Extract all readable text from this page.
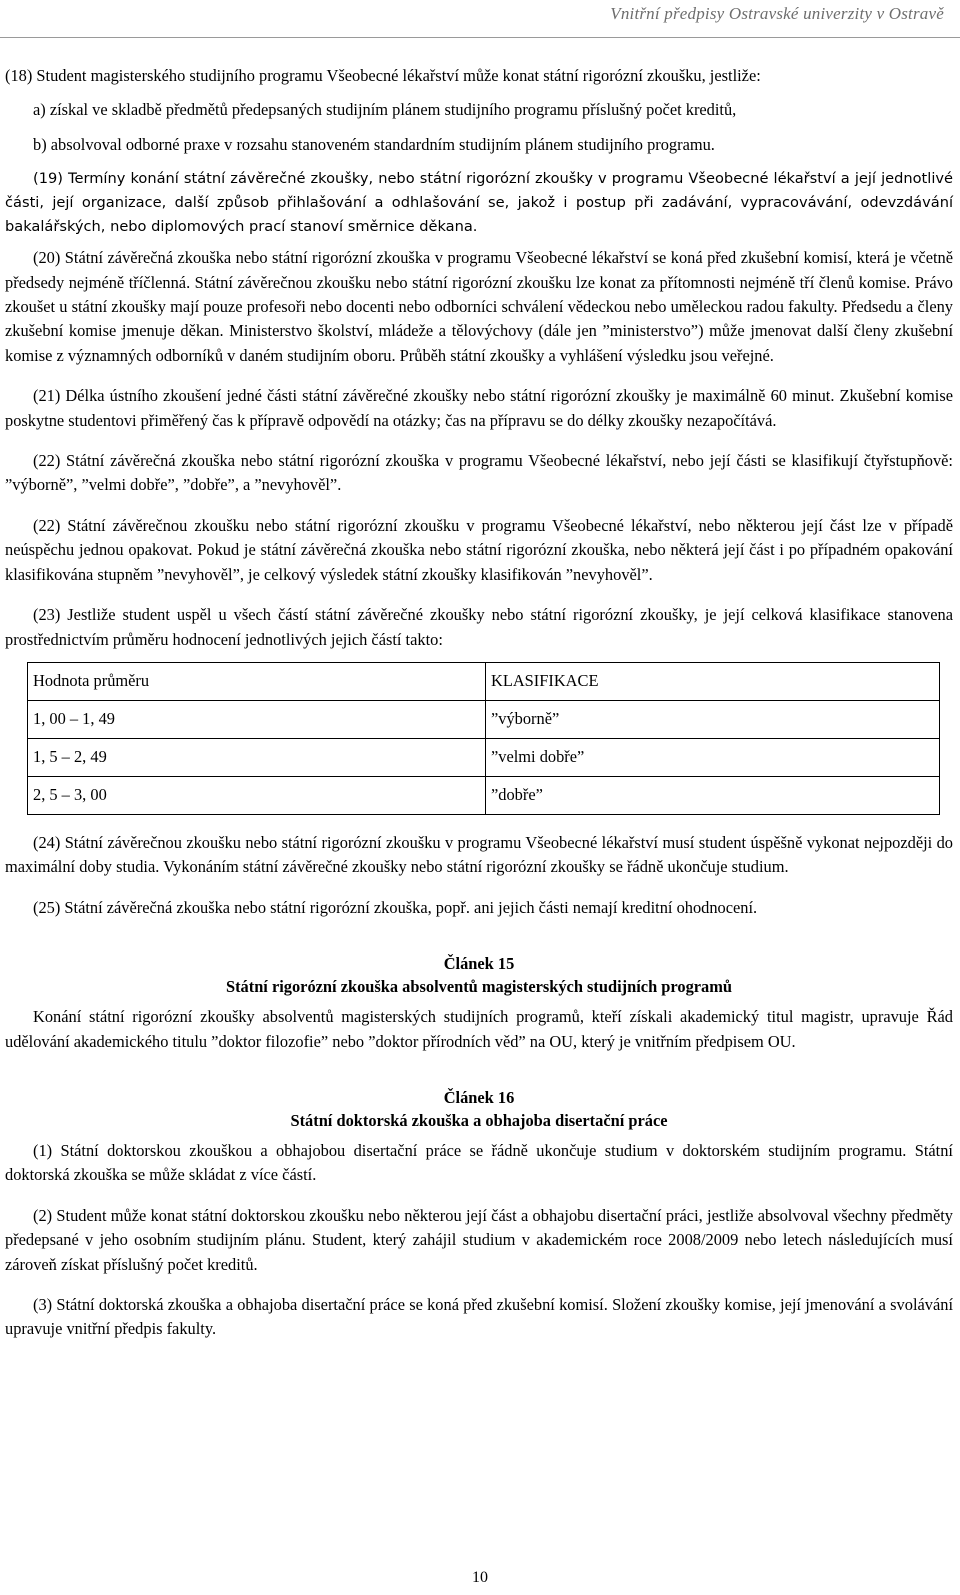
Vnitřní předpisy Ostravské univerzity v Ostravě

(18) Student magisterského studijního programu Všeobecné lékařství může konat státní rigorózní zkoušku, jestliže:

a) získal ve skladbě předmětů předepsaných studijním plánem studijního programu příslušný počet kreditů,

b) absolvoval odborné praxe v rozsahu stanoveném standardním studijním plánem studijního programu.

(19) Termíny konání státní závěrečné zkoušky, nebo státní rigorózní zkoušky v programu Všeobecné lékařství a její jednotlivé části, její organizace, další způsob přihlašování a odhlašování se, jakož i postup při zadávání, vypracovávání, odevzdávání bakalářských, nebo diplomových prací stanoví směrnice děkana.

(20) Státní závěrečná zkouška nebo státní rigorózní zkouška v programu Všeobecné lékařství se koná před zkušební komisí, která je včetně předsedy nejméně tříčlenná. Státní závěrečnou zkoušku nebo státní rigorózní zkoušku lze konat za přítomnosti nejméně tří členů komise. Právo zkoušet u státní zkoušky mají pouze profesoři nebo docenti nebo odborníci schválení vědeckou nebo uměleckou radou fakulty. Předsedu a členy zkušební komise jmenuje děkan. Ministerstvo školství, mládeže a tělovýchovy (dále jen ”ministerstvo”) může jmenovat další členy zkušební komise z významných odborníků v daném studijním oboru. Průběh státní zkoušky a vyhlášení výsledku jsou veřejné.

(21) Délka ústního zkoušení jedné části státní závěrečné zkoušky nebo státní rigorózní zkoušky je maximálně 60 minut. Zkušební komise poskytne studentovi přiměřený čas k přípravě odpovědí na otázky; čas na přípravu se do délky zkoušky nezapočítává.

(22) Státní závěrečná zkouška nebo státní rigorózní zkouška v programu Všeobecné lékařství, nebo její části se klasifikují čtyřstupňově: ”výborně”, ”velmi dobře”, ”dobře”, a ”nevyhověl”.

(22) Státní závěrečnou zkoušku nebo státní rigorózní zkoušku v programu Všeobecné lékařství, nebo některou její část lze v případě neúspěchu jednou opakovat. Pokud je státní závěrečná zkouška nebo státní rigorózní zkouška, nebo některá její část i po případném opakování klasifikována stupněm ”nevyhověl”, je celkový výsledek státní zkoušky klasifikován ”nevyhověl”.

(23) Jestliže student uspěl u všech částí státní závěrečné zkoušky nebo státní rigorózní zkoušky, je její celková klasifikace stanovena prostřednictvím průměru hodnocení jednotlivých jejich částí takto:

Hodnota průměru	KLASIFIKACE
1, 00 – 1, 49	”výborně”
1, 5 – 2, 49	”velmi dobře”
2, 5 – 3, 00	”dobře”

(24) Státní závěrečnou zkoušku nebo státní rigorózní zkoušku v programu Všeobecné lékařství musí student úspěšně vykonat nejpozději do maximální doby studia. Vykonáním státní závěrečné zkoušky nebo státní rigorózní zkoušky se řádně ukončuje studium.

(25) Státní závěrečná zkouška nebo státní rigorózní zkouška, popř. ani jejich části nemají kreditní ohodnocení.

Článek 15
Státní rigorózní zkouška absolventů magisterských studijních programů

Konání státní rigorózní zkoušky absolventů magisterských studijních programů, kteří získali akademický titul magistr, upravuje Řád udělování akademického titulu ”doktor filozofie” nebo ”doktor přírodních věd” na OU, který je vnitřním předpisem OU.

Článek 16
Státní doktorská zkouška a obhajoba disertační práce

(1) Státní doktorskou zkouškou a obhajobou disertační práce se řádně ukončuje studium v doktorském studijním programu. Státní doktorská zkouška se může skládat z více částí.

(2) Student může konat státní doktorskou zkoušku nebo některou její část a obhajobu disertační práci, jestliže absolvoval všechny předměty předepsané v jeho osobním studijním plánu. Student, který zahájil studium v akademickém roce 2008/2009 nebo letech následujících musí zároveň získat příslušný počet kreditů.

(3) Státní doktorská zkouška a obhajoba disertační práce se koná před zkušební komisí. Složení zkoušky komise, její jmenování a svolávání upravuje vnitřní předpis fakulty.

10
